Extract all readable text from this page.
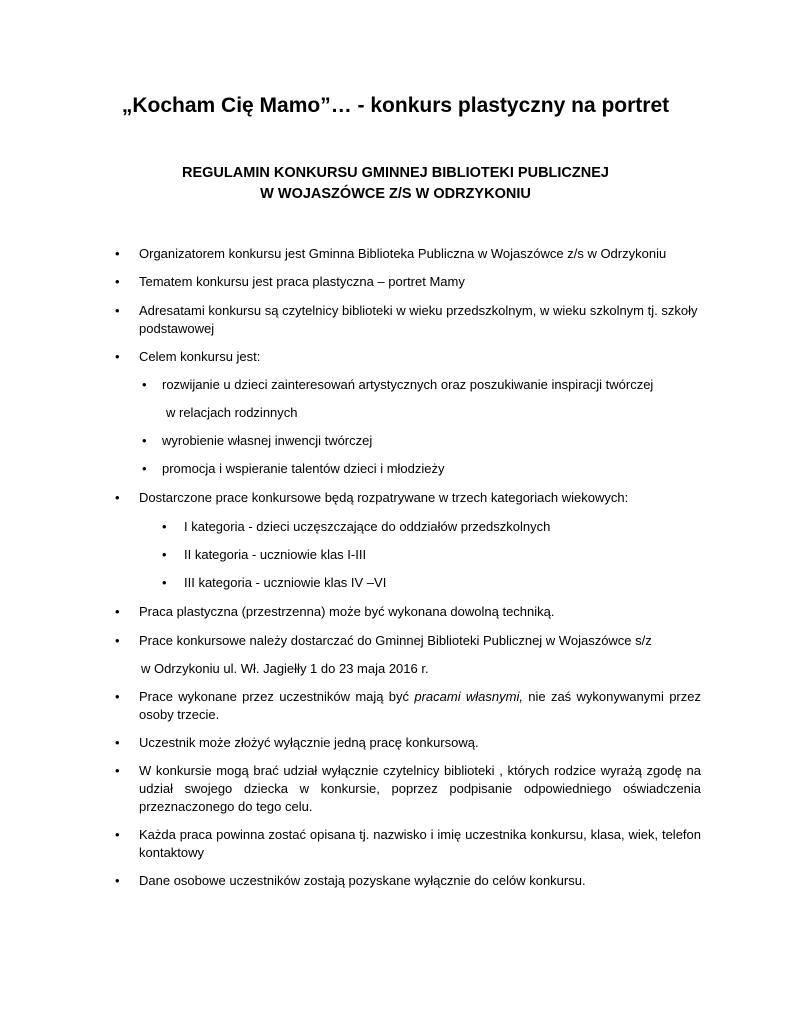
„Kocham Cię Mamo”… - konkurs plastyczny na portret
REGULAMIN KONKURSU GMINNEJ BIBLIOTEKI PUBLICZNEJ
W WOJASZÓWCE Z/S W ODRZYKONIU
• Organizatorem konkursu jest Gminna Biblioteka Publiczna w Wojaszówce z/s w Odrzykoniu
• Tematem konkursu jest praca plastyczna – portret Mamy
• Adresatami konkursu są czytelnicy biblioteki w wieku przedszkolnym, w wieku szkolnym tj. szkoły podstawowej
• Celem konkursu jest:
• rozwijanie u dzieci zainteresowań artystycznych oraz poszukiwanie inspiracji twórczej
w relacjach rodzinnych
• wyrobienie własnej inwencji twórczej
• promocja i wspieranie talentów dzieci i młodzieży
• Dostarczone prace konkursowe będą rozpatrywane w trzech kategoriach wiekowych:
• I kategoria - dzieci uczęszczające do oddziałów przedszkolnych
• II kategoria - uczniowie klas I-III
• III kategoria - uczniowie klas IV –VI
• Praca plastyczna (przestrzenna) może być wykonana dowolną techniką.
• Prace konkursowe należy dostarczać do Gminnej Biblioteki Publicznej w Wojaszówce s/z
w Odrzykoniu ul. Wł. Jagiełły 1 do 23 maja 2016 r.
• Prace wykonane przez uczestników mają być pracami własnymi, nie zaś wykonywanymi przez osoby trzecie.
• Uczestnik może złożyć wyłącznie jedną pracę konkursową.
• W konkursie mogą brać udział wyłącznie czytelnicy biblioteki , których rodzice wyrażą zgodę na udział swojego dziecka w konkursie, poprzez podpisanie odpowiedniego oświadczenia przeznaczonego do tego celu.
• Każda praca powinna zostać opisana tj. nazwisko i imię uczestnika konkursu, klasa, wiek, telefon kontaktowy
• Dane osobowe uczestników zostają pozyskane wyłącznie do celów konkursu.
